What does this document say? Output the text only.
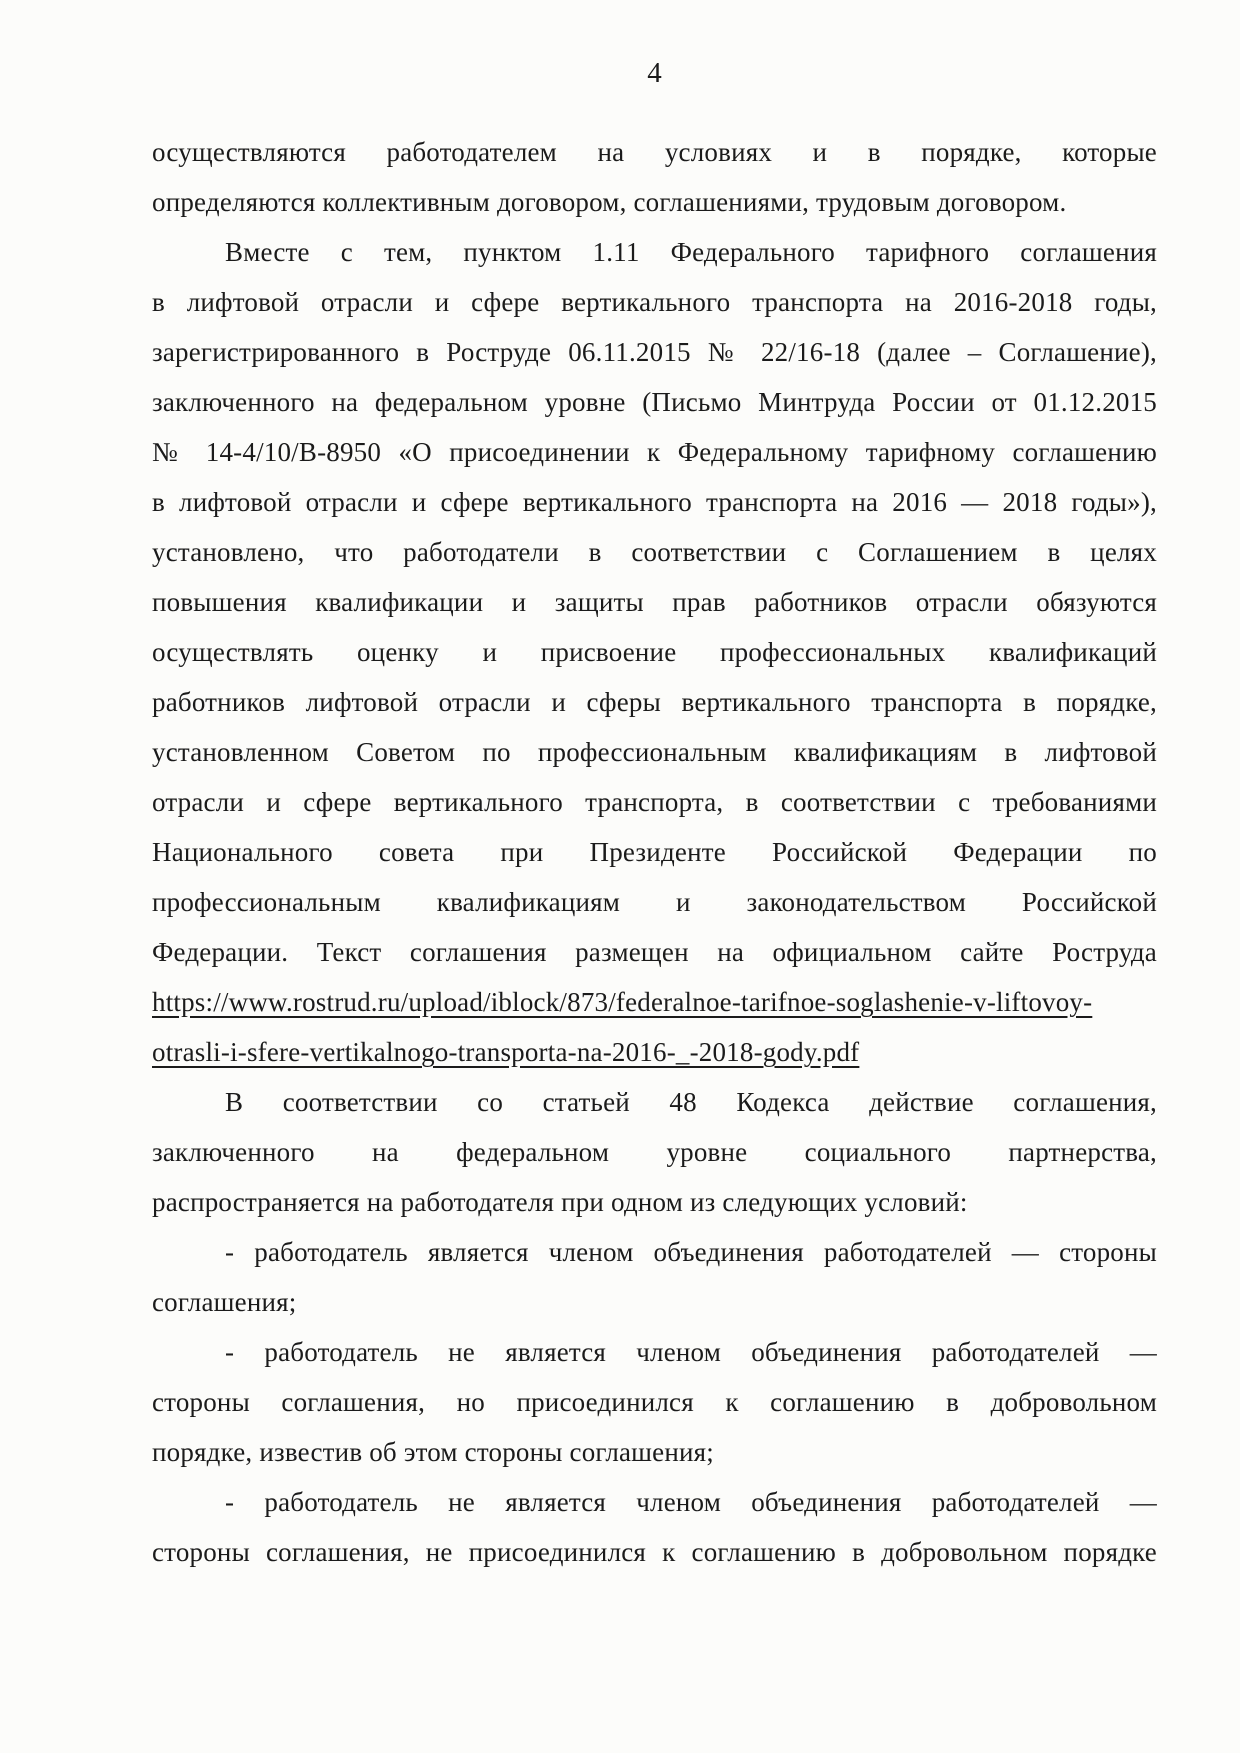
4
осуществляются работодателем на условиях и в порядке, которые
определяются коллективным договором, соглашениями, трудовым договором.
Вместе с тем, пунктом 1.11 Федерального тарифного соглашения
в лифтовой отрасли и сфере вертикального транспорта на 2016-2018 годы,
зарегистрированного в Роструде 06.11.2015 № 22/16-18 (далее – Соглашение),
заключенного на федеральном уровне (Письмо Минтруда России от 01.12.2015
№ 14-4/10/В-8950 «О присоединении к Федеральному тарифному соглашению
в лифтовой отрасли и сфере вертикального транспорта на 2016 — 2018 годы»),
установлено, что работодатели в соответствии с Соглашением в целях
повышения квалификации и защиты прав работников отрасли обязуются
осуществлять оценку и присвоение профессиональных квалификаций
работников лифтовой отрасли и сферы вертикального транспорта в порядке,
установленном Советом по профессиональным квалификациям в лифтовой
отрасли и сфере вертикального транспорта, в соответствии с требованиями
Национального совета при Президенте Российской Федерации по
профессиональным квалификациям и законодательством Российской
Федерации. Текст соглашения размещен на официальном сайте Роструда
https://www.rostrud.ru/upload/iblock/873/federalnoe-tarifnoe-soglashenie-v-liftovoy-
otrasli-i-sfere-vertikalnogo-transporta-na-2016-_-2018-gody.pdf
В соответствии со статьей 48 Кодекса действие соглашения,
заключенного на федеральном уровне социального партнерства,
распространяется на работодателя при одном из следующих условий:
- работодатель является членом объединения работодателей — стороны
соглашения;
- работодатель не является членом объединения работодателей —
стороны соглашения, но присоединился к соглашению в добровольном
порядке, известив об этом стороны соглашения;
- работодатель не является членом объединения работодателей —
стороны соглашения, не присоединился к соглашению в добровольном порядке
